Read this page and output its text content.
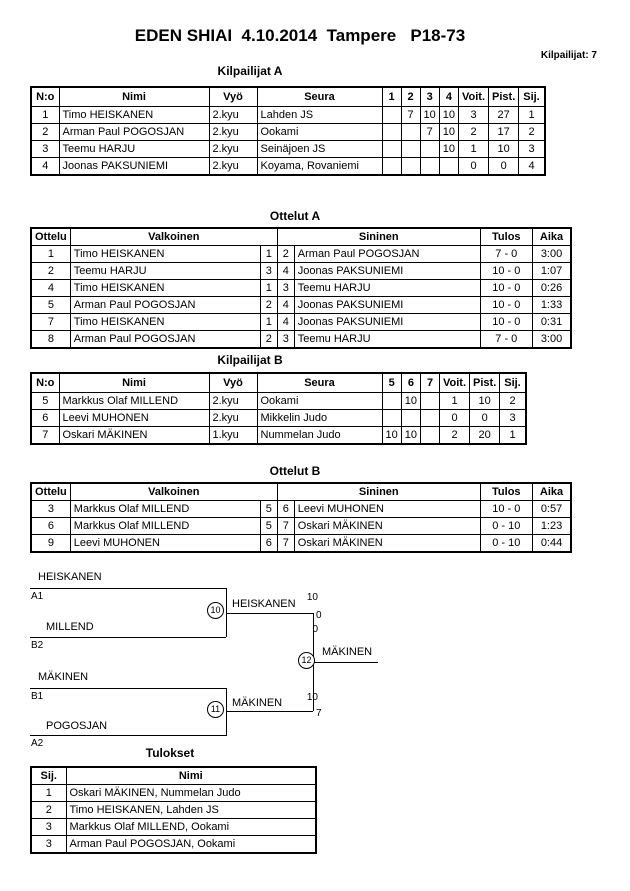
EDEN SHIAI  4.10.2014  Tampere   P18-73
Kilpailijat: 7
Kilpailijat A
N:o	Nimi	Vyö	Seura	1	2	3	4	Voit.	Pist.	Sij.
1	Timo HEISKANEN	2.kyu	Lahden JS		7	10	10	3	27	1
2	Arman Paul POGOSJAN	2.kyu	Ookami			7	10	2	17	2
3	Teemu HARJU	2.kyu	Seinäjoen JS				10	1	10	3
4	Joonas PAKSUNIEMI	2.kyu	Koyama, Rovaniemi					0	0	4
Ottelut A
Ottelu	Valkoinen		Sininen		Tulos	Aika
1	Timo HEISKANEN	1	2	Arman Paul POGOSJAN	7 - 0	3:00
2	Teemu HARJU	3	4	Joonas PAKSUNIEMI	10 - 0	1:07
4	Timo HEISKANEN	1	3	Teemu HARJU	10 - 0	0:26
5	Arman Paul POGOSJAN	2	4	Joonas PAKSUNIEMI	10 - 0	1:33
7	Timo HEISKANEN	1	4	Joonas PAKSUNIEMI	10 - 0	0:31
8	Arman Paul POGOSJAN	2	3	Teemu HARJU	7 - 0	3:00
Kilpailijat B
N:o	Nimi	Vyö	Seura	5	6	7	Voit.	Pist.	Sij.
5	Markkus Olaf MILLEND	2.kyu	Ookami		10		1	10	2
6	Leevi MUHONEN	2.kyu	Mikkelin Judo				0	0	3
7	Oskari MÄKINEN	1.kyu	Nummelan Judo	10	10		2	20	1
Ottelut B
Ottelu	Valkoinen		Sininen		Tulos	Aika
3	Markkus Olaf MILLEND	5	6	Leevi MUHONEN	10 - 0	0:57
6	Markkus Olaf MILLEND	5	7	Oskari MÄKINEN	0 - 10	1:23
9	Leevi MUHONEN	6	7	Oskari MÄKINEN	0 - 10	0:44
HEISKANEN
A1	10
10	HEISKANEN
0
MILLEND
B2
0
12
MÄKINEN
MÄKINEN
B1	10
11	MÄKINEN
7
POGOSJAN
A2
Tulokset
Sij.	Nimi
1	Oskari MÄKINEN, Nummelan Judo
2	Timo HEISKANEN, Lahden JS
3	Markkus Olaf MILLEND, Ookami
3	Arman Paul POGOSJAN, Ookami
